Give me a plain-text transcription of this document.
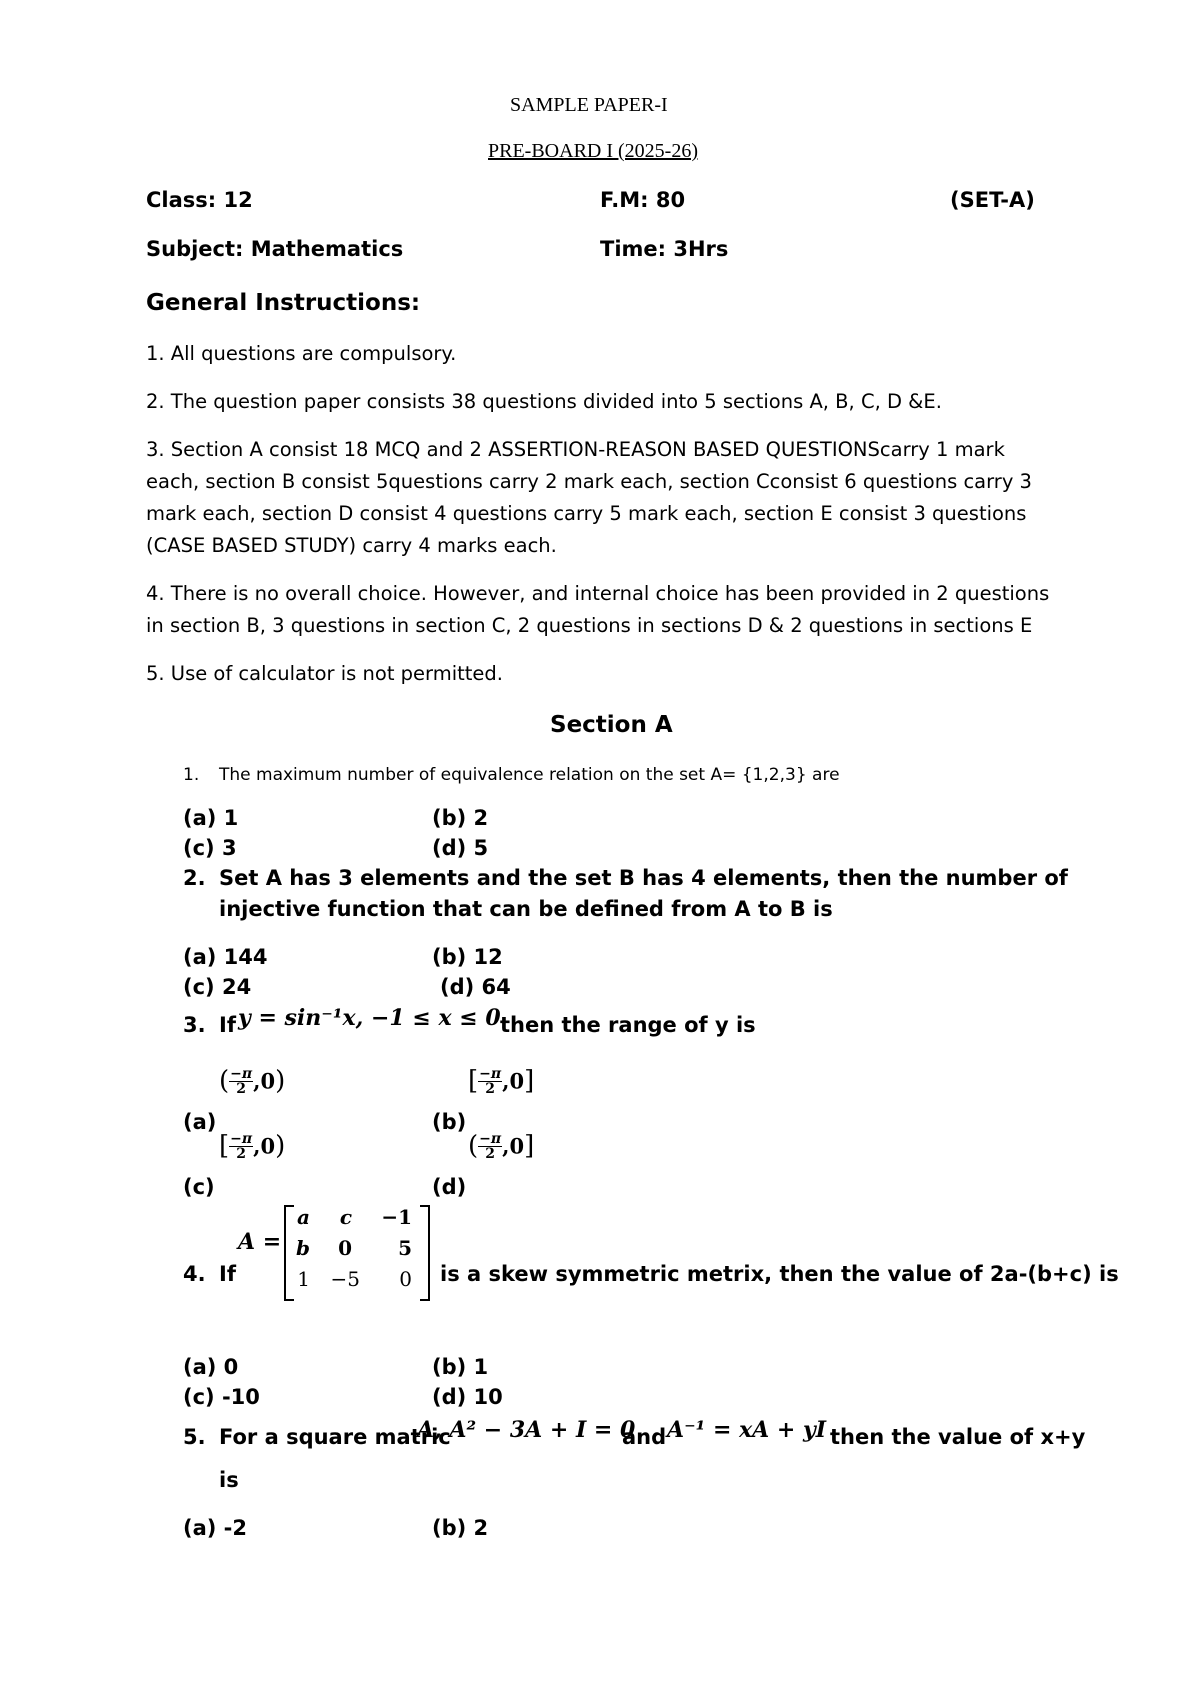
SAMPLE PAPER-I
PRE-BOARD I (2025-26)
Class: 12	F.M: 80	(SET-A)
Subject: Mathematics	Time: 3Hrs
General Instructions:
1. All questions are compulsory.
2. The question paper consists 38 questions divided into 5 sections A, B, C, D &E.
3. Section A consist 18 MCQ and 2 ASSERTION-REASON BASED QUESTIONScarry 1 mark
each, section B consist 5questions carry 2 mark each, section Cconsist 6 questions carry 3
mark each, section D consist 4 questions carry 5 mark each, section E consist 3 questions
(CASE BASED STUDY) carry 4 marks each.
4. There is no overall choice. However, and internal choice has been provided in 2 questions
in section B, 3 questions in section C, 2 questions in sections D & 2 questions in sections E
5. Use of calculator is not permitted.
Section A
1. The maximum number of equivalence relation on the set A= {1,2,3} are
(a) 1	(b) 2
(c) 3	(d) 5
2. Set A has 3 elements and the set B has 4 elements, then the number of
injective function that can be defined from A to B is
(a) 144	(b) 12
(c) 24	(d) 64
3. If y = sin⁻¹x, −1 ≤ x ≤ 0 then the range of y is
( $\frac{-\pi}{2} ,0$)
(a)
[ $\frac{-\pi}{2} ,0$]
(b)
[ $\frac{-\pi}{2} ,0$)
(c)
( $\frac{-\pi}{2} ,0$]
(d)
A =
a	c −1
b	0	5
1 −5	0
4. If	is a skew symmetric metrix, then the value of 2a-(b+c) is
(a) 0	(b) 1
(c) -10	(d) 10
5. For a square matric
A, A² − 3A + I = 0
and A⁻¹ = xA + yI then the value of x+y
is
(a) -2	(b) 2
